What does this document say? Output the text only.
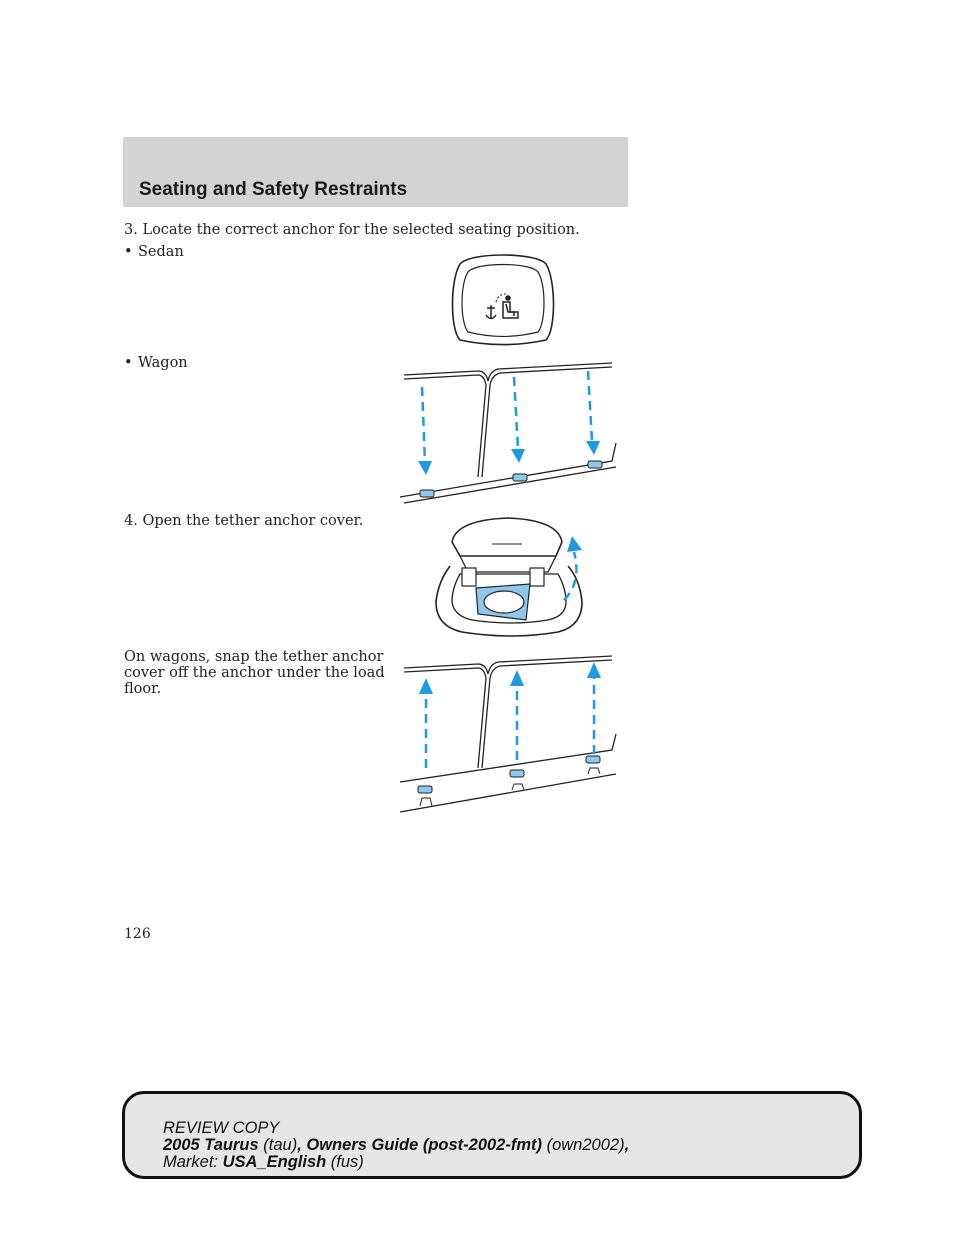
Seating and Safety Restraints
3. Locate the correct anchor for the selected seating position.
• Sedan
• Wagon
4. Open the tether anchor cover.
On wagons, snap the tether anchor
cover off the anchor under the load
floor.
126
REVIEW COPY
2005 Taurus (tau), Owners Guide (post-2002-fmt) (own2002),
Market: USA_English (fus)
